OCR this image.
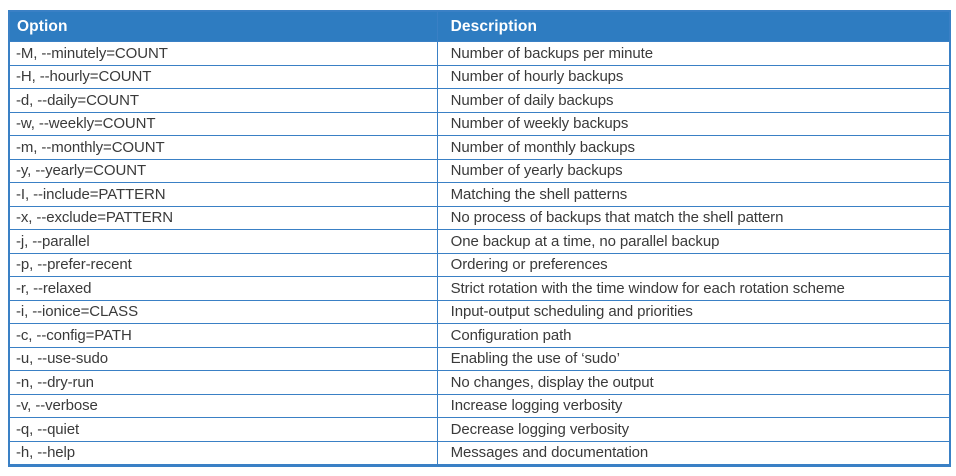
Option	Description
-M, --minutely=COUNT	Number of backups per minute
-H, --hourly=COUNT	Number of hourly backups
-d, --daily=COUNT	Number of daily backups
-w, --weekly=COUNT	Number of weekly backups
-m, --monthly=COUNT	Number of monthly backups
-y, --yearly=COUNT	Number of yearly backups
-I, --include=PATTERN	Matching the shell patterns
-x, --exclude=PATTERN	No process of backups that match the shell pattern
-j, --parallel	One backup at a time, no parallel backup
-p, --prefer-recent	Ordering or preferences
-r, --relaxed	Strict rotation with the time window for each rotation scheme
-i, --ionice=CLASS	Input-output scheduling and priorities
-c, --config=PATH	Configuration path
-u, --use-sudo	Enabling the use of ‘sudo’
-n, --dry-run	No changes, display the output
-v, --verbose	Increase logging verbosity
-q, --quiet	Decrease logging verbosity
-h, --help	Messages and documentation
